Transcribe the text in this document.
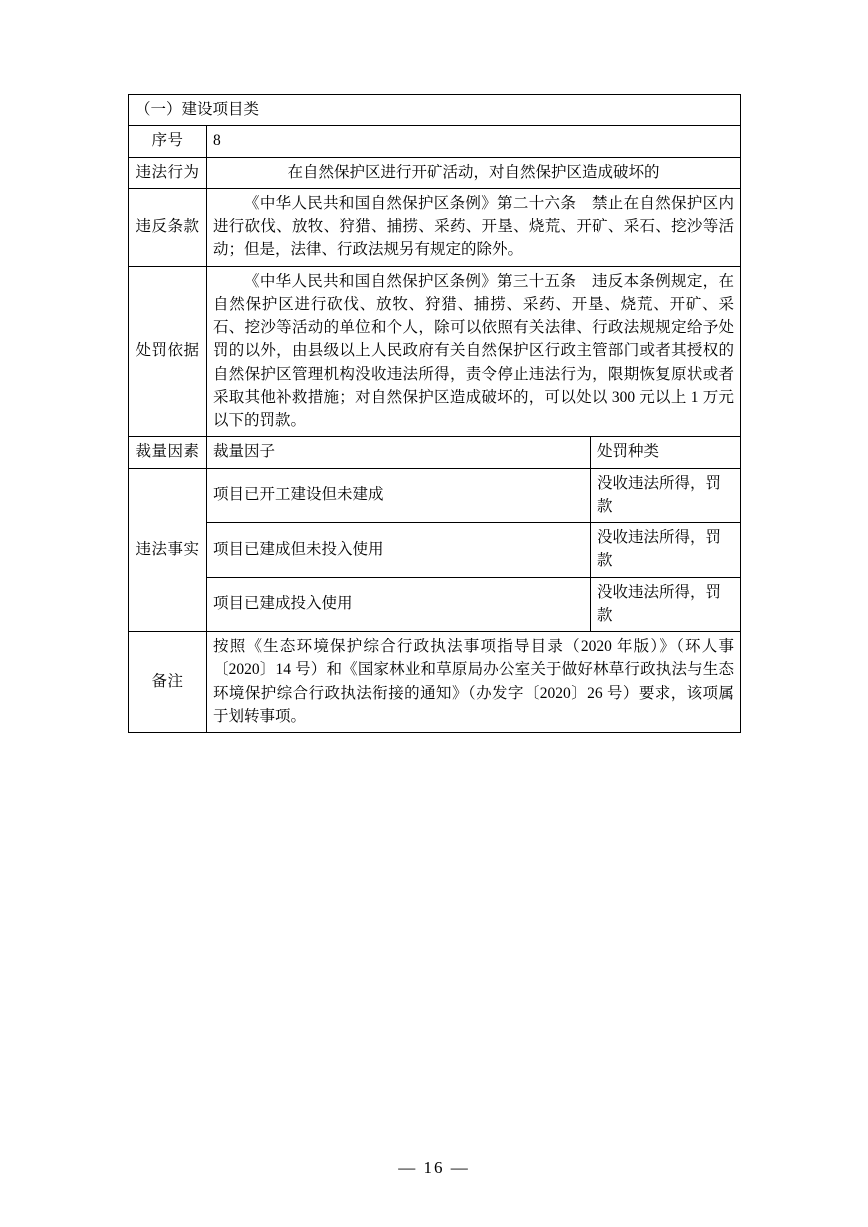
（一）建设项目类		
序号	8	
违法行为	在自然保护区进行开矿活动，对自然保护区造成破坏的	
违反条款	《中华人民共和国自然保护区条例》第二十六条　禁止在自然保护区内进行砍伐、放牧、狩猎、捕捞、采药、开垦、烧荒、开矿、采石、挖沙等活动；但是，法律、行政法规另有规定的除外。	
处罚依据	《中华人民共和国自然保护区条例》第三十五条　违反本条例规定，在自然保护区进行砍伐、放牧、狩猎、捕捞、采药、开垦、烧荒、开矿、采石、挖沙等活动的单位和个人，除可以依照有关法律、行政法规规定给予处罚的以外，由县级以上人民政府有关自然保护区行政主管部门或者其授权的自然保护区管理机构没收违法所得，责令停止违法行为，限期恢复原状或者采取其他补救措施；对自然保护区造成破坏的，可以处以 300 元以上 1 万元以下的罚款。	
裁量因素	裁量因子	处罚种类
违法事实	项目已开工建设但未建成	没收违法所得，罚款
	项目已建成但未投入使用	没收违法所得，罚款
	项目已建成投入使用	没收违法所得，罚款
备注	按照《生态环境保护综合行政执法事项指导目录（2020 年版）》（环人事〔2020〕14 号）和《国家林业和草原局办公室关于做好林草行政执法与生态环境保护综合行政执法衔接的通知》（办发字〔2020〕26 号）要求，该项属于划转事项。	
— 16 —
